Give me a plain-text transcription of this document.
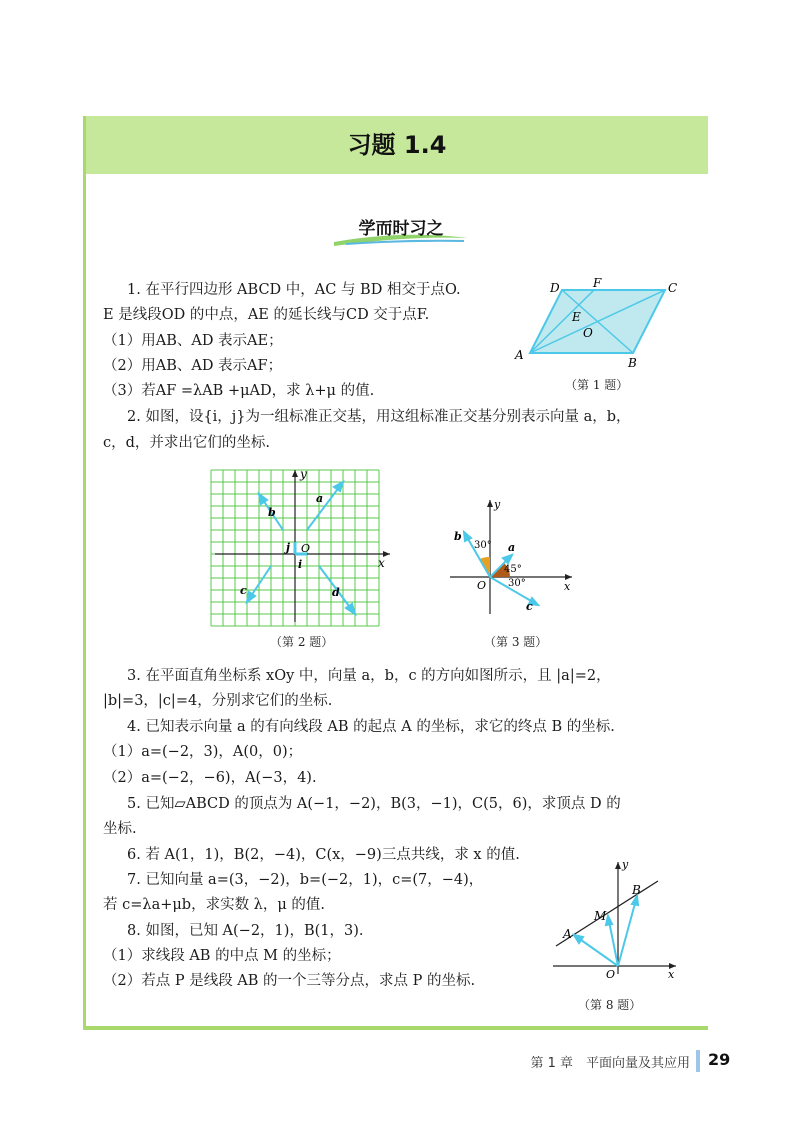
习题 1.4
学而时习之
1. 在平行四边形 ABCD 中，AC 与 BD 相交于点O.
E 是线段OD 的中点，AE 的延长线与CD 交于点F.
（1）用AB、AD 表示AE；
（2）用AB、AD 表示AF；
（3）若AF =λAB +μAD，求 λ+μ 的值.
D	F	C
E
O
A
B
（第 1 题）
2. 如图，设{i，j}为一组标准正交基，用这组标准正交基分别表示向量 a，b，
c，d，并求出它们的坐标.
y
x
O
j
i
a
b
c	d
（第 2 题）
y
x
O
b
a
c
30°
45°
30°
（第 3 题）
3. 在平面直角坐标系 xOy 中，向量 a，b，c 的方向如图所示，且 |a|=2，
|b|=3，|c|=4，分别求它们的坐标.
4. 已知表示向量 a 的有向线段 AB 的起点 A 的坐标，求它的终点 B 的坐标.
（1）a=(−2，3)，A(0，0)；
（2）a=(−2，−6)，A(−3，4).
5. 已知▱ABCD 的顶点为 A(−1，−2)，B(3，−1)，C(5，6)，求顶点 D 的
坐标.
6. 若 A(1，1)，B(2，−4)，C(x，−9)三点共线，求 x 的值.
7. 已知向量 a=(3，−2)，b=(−2，1)，c=(7，−4)，
若 c=λa+μb，求实数 λ，μ 的值.
8. 如图，已知 A(−2，1)，B(1，3).
（1）求线段 AB 的中点 M 的坐标；
（2）若点 P 是线段 AB 的一个三等分点，求点 P 的坐标.
y
x
O
A
M
B
（第 8 题）
第 1 章　平面向量及其应用 29
